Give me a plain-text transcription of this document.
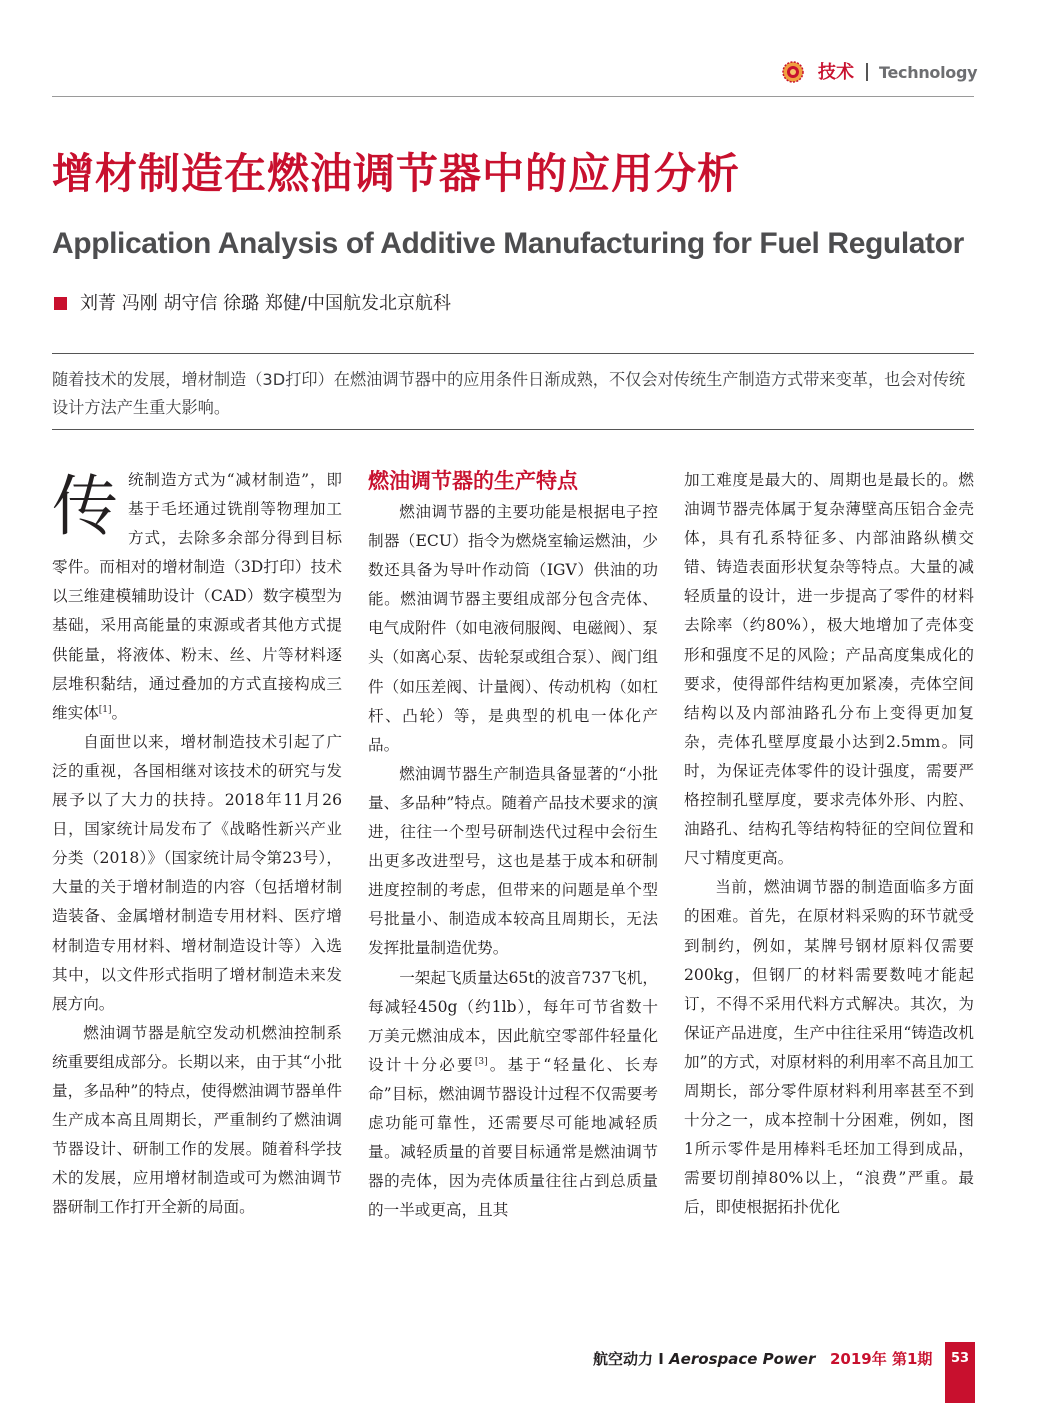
技术 Technology
增材制造在燃油调节器中的应用分析
Application Analysis of Additive Manufacturing for Fuel Regulator
刘菁 冯刚 胡守信 徐璐 郑健/中国航发北京航科

随着技术的发展，增材制造（3D打印）在燃油调节器中的应用条件日渐成熟，不仅会对传统生产制造方式带来变革，也会对传统设计方法产生重大影响。

传 统制造方式为“减材制造”，即基于毛坯通过铣削等物理加工方式，去除多余部分得到目标零件。而相对的增材制造（3D打印）技术以三维建模辅助设计（CAD）数字模型为基础，采用高能量的束源或者其他方式提供能量，将液体、粉末、丝、片等材料逐层堆积黏结，通过叠加的方式直接构成三维实体[1]。

自面世以来，增材制造技术引起了广泛的重视，各国相继对该技术的研究与发展予以了大力的扶持。2018年11月26日，国家统计局发布了《战略性新兴产业分类（2018）》（国家统计局令第23号），大量的关于增材制造的内容（包括增材制造装备、金属增材制造专用材料、医疗增材制造专用材料、增材制造设计等）入选其中，以文件形式指明了增材制造未来发展方向。

燃油调节器是航空发动机燃油控制系统重要组成部分。长期以来，由于其“小批量，多品种”的特点，使得燃油调节器单件生产成本高且周期长，严重制约了燃油调节器设计、研制工作的发展。随着科学技术的发展，应用增材制造或可为燃油调节器研制工作打开全新的局面。

燃油调节器的生产特点

燃油调节器的主要功能是根据电子控制器（ECU）指令为燃烧室输运燃油，少数还具备为导叶作动筒（IGV）供油的功能。燃油调节器主要组成部分包含壳体、电气成附件（如电液伺服阀、电磁阀）、泵头（如离心泵、齿轮泵或组合泵）、阀门组件（如压差阀、计量阀）、传动机构（如杠杆、凸轮）等，是典型的机电一体化产品。

燃油调节器生产制造具备显著的“小批量、多品种”特点。随着产品技术要求的演进，往往一个型号研制迭代过程中会衍生出更多改进型号，这也是基于成本和研制进度控制的考虑，但带来的问题是单个型号批量小、制造成本较高且周期长，无法发挥批量制造优势。

一架起飞质量达65t的波音737飞机，每减轻450g（约1lb），每年可节省数十万美元燃油成本，因此航空零部件轻量化设计十分必要[3]。基于“轻量化、长寿命”目标，燃油调节器设计过程不仅需要考虑功能可靠性，还需要尽可能地减轻质量。减轻质量的首要目标通常是燃油调节器的壳体，因为壳体质量往往占到总质量的一半或更高，且其

加工难度是最大的、周期也是最长的。燃油调节器壳体属于复杂薄壁高压铝合金壳体，具有孔系特征多、内部油路纵横交错、铸造表面形状复杂等特点。大量的减轻质量的设计，进一步提高了零件的材料去除率（约80%），极大地增加了壳体变形和强度不足的风险；产品高度集成化的要求，使得部件结构更加紧凑，壳体空间结构以及内部油路孔分布上变得更加复杂，壳体孔壁厚度最小达到2.5mm。同时，为保证壳体零件的设计强度，需要严格控制孔壁厚度，要求壳体外形、内腔、油路孔、结构孔等结构特征的空间位置和尺寸精度更高。

当前，燃油调节器的制造面临多方面的困难。首先，在原材料采购的环节就受到制约，例如，某牌号钢材原料仅需要200kg，但钢厂的材料需要数吨才能起订，不得不采用代料方式解决。其次，为保证产品进度，生产中往往采用“铸造改机加”的方式，对原材料的利用率不高且加工周期长，部分零件原材料利用率甚至不到十分之一，成本控制十分困难，例如，图1所示零件是用棒料毛坯加工得到成品，需要切削掉80%以上，“浪费”严重。最后，即使根据拓扑优化

航空动力 I Aerospace Power 2019年 第1期	53
